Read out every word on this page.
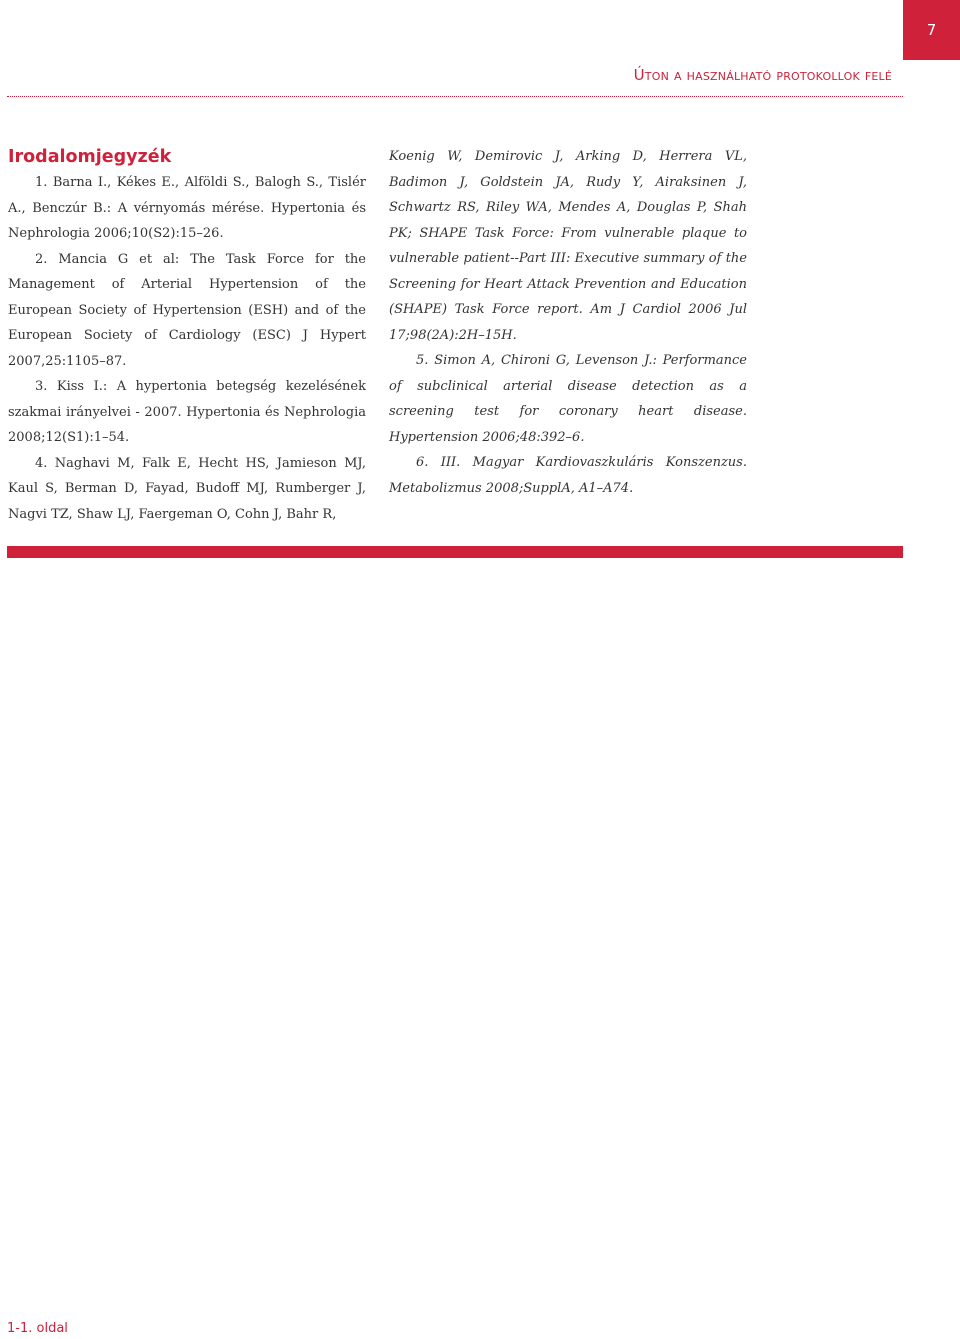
7
Úton a használható protokollok felé
Irodalomjegyzék

1. Barna I., Kékes E., Alföldi S., Balogh S., Tislér A., Benczúr B.: A vérnyomás mérése. Hypertonia és Nephrologia 2006;10(S2):15–26.

2. Mancia G et al: The Task Force for the Management of Arterial Hypertension of the European Society of Hypertension (ESH) and of the European Society of Cardiology (ESC) J Hypert 2007,25:1105–87.

3. Kiss I.: A hypertonia betegség kezelésének szakmai irányelvei - 2007. Hypertonia és Nephrologia 2008;12(S1):1–54.

4. Naghavi M, Falk E, Hecht HS, Jamieson MJ, Kaul S, Berman D, Fayad, Budoff MJ, Rumberger J, Nagvi TZ, Shaw LJ, Faergeman O, Cohn J, Bahr R,

Koenig W, Demirovic J, Arking D, Herrera VL, Badimon J, Goldstein JA, Rudy Y, Airaksinen J, Schwartz RS, Riley WA, Mendes A, Douglas P, Shah PK; SHAPE Task Force: From vulnerable plaque to vulnerable patient--Part III: Executive summary of the Screening for Heart Attack Prevention and Education (SHAPE) Task Force report. Am J Cardiol 2006 Jul 17;98(2A):2H–15H.

5. Simon A, Chironi G, Levenson J.: Performance of subclinical arterial disease detection as a screening test for coronary heart disease. Hypertension 2006;48:392–6.

6. III. Magyar Kardiovaszkuláris Konszenzus. Metabolizmus 2008;SupplA, A1–A74.

1-1. oldal
